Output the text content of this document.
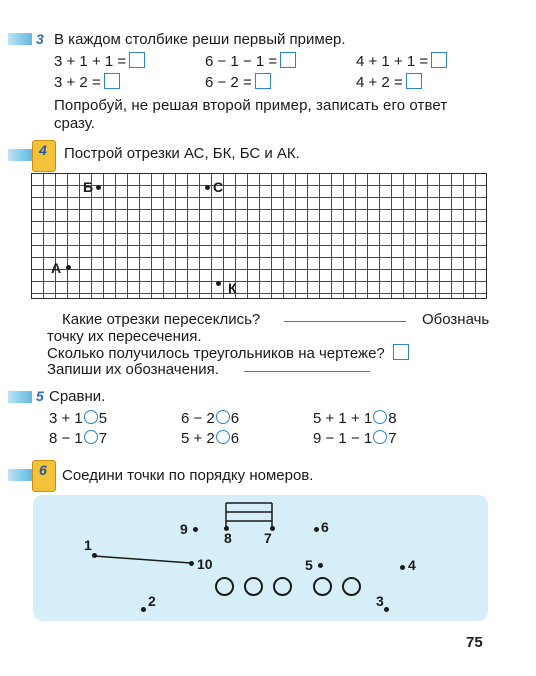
3 В каждом столбике реши первый пример.
3 + 1 + 1 =	6 − 1 − 1 =	4 + 1 + 1 =
3 + 2 =	6 − 2 =	4 + 2 =
Попробуй, не решая второй пример, записать его ответ
сразу.
4 Построй отрезки АС, БК, БС и АК.
Б	С
А
К
Какие отрезки пересеклись?	Обозначь
точку их пересечения.
Сколько получилось треугольников на чертеже?
Запиши их обозначения.
5 Сравни.
3 + 1 5	6 − 2 6	5 + 1 + 1 8
8 − 1 7	5 + 2 6	9 − 1 − 1 7
6 Соедини точки по порядку номеров.
1
10
9
8 7
6
5	4
2	3
75
